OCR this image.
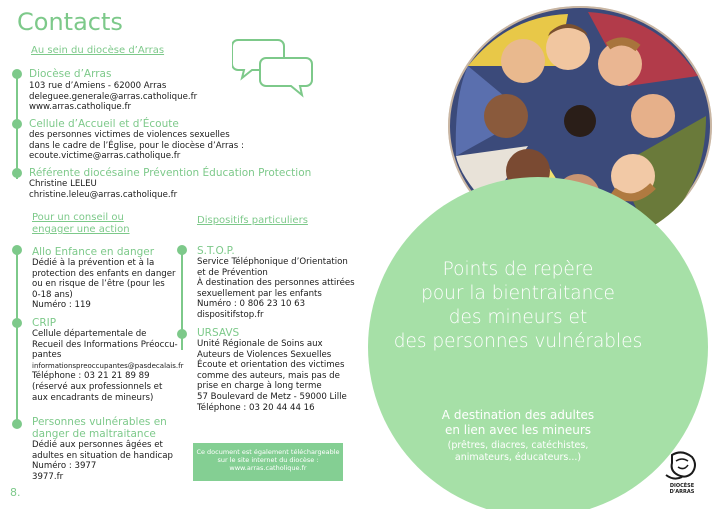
Contacts
Au sein du diocèse d’Arras
Diocèse d’Arras
103 rue d’Amiens - 62000 Arras
deleguee.generale@arras.catholique.fr
www.arras.catholique.fr
Cellule d’Accueil et d’Écoute
des personnes victimes de violences sexuelles
dans le cadre de l’Église, pour le diocèse d’Arras :
ecoute.victime@arras.catholique.fr
Référente diocésaine Prévention Éducation Protection
Christine LELEU
christine.leleu@arras.catholique.fr
Pour un conseil ou
engager une action
Allo Enfance en danger
Dédié à la prévention et à la
protection des enfants en danger
ou en risque de l’être (pour les
0-18 ans)
Numéro : 119
CRIP
Cellule départementale de
Recueil des Informations Préoccu-
pantes
informationspreoccupantes@pasdecalais.fr
Téléphone : 03 21 21 89 89
(réservé aux professionnels et
aux encadrants de mineurs)
Personnes vulnérables en
danger de maltraitance
Dédié aux personnes âgées et
adultes en situation de handicap
Numéro : 3977
3977.fr
Dispositifs particuliers
S.T.O.P.
Service Téléphonique d’Orientation
et de Prévention
À destination des personnes attirées
sexuellement par les enfants
Numéro : 0 806 23 10 63
dispositifstop.fr
URSAVS
Unité Régionale de Soins aux
Auteurs de Violences Sexuelles
Écoute et orientation des victimes
comme des auteurs, mais pas de
prise en charge à long terme
57 Boulevard de Metz - 59000 Lille
Téléphone : 03 20 44 44 16
Ce document est également téléchargeable
sur le site internet du diocèse :
www.arras.catholique.fr
8.
Points de repère
pour la bientraitance
des mineurs et
des personnes vulnérables
A destination des adultes
en lien avec les mineurs
(prêtres, diacres, catéchistes,
animateurs, éducateurs...)
DIOCÈSE
D'ARRAS
